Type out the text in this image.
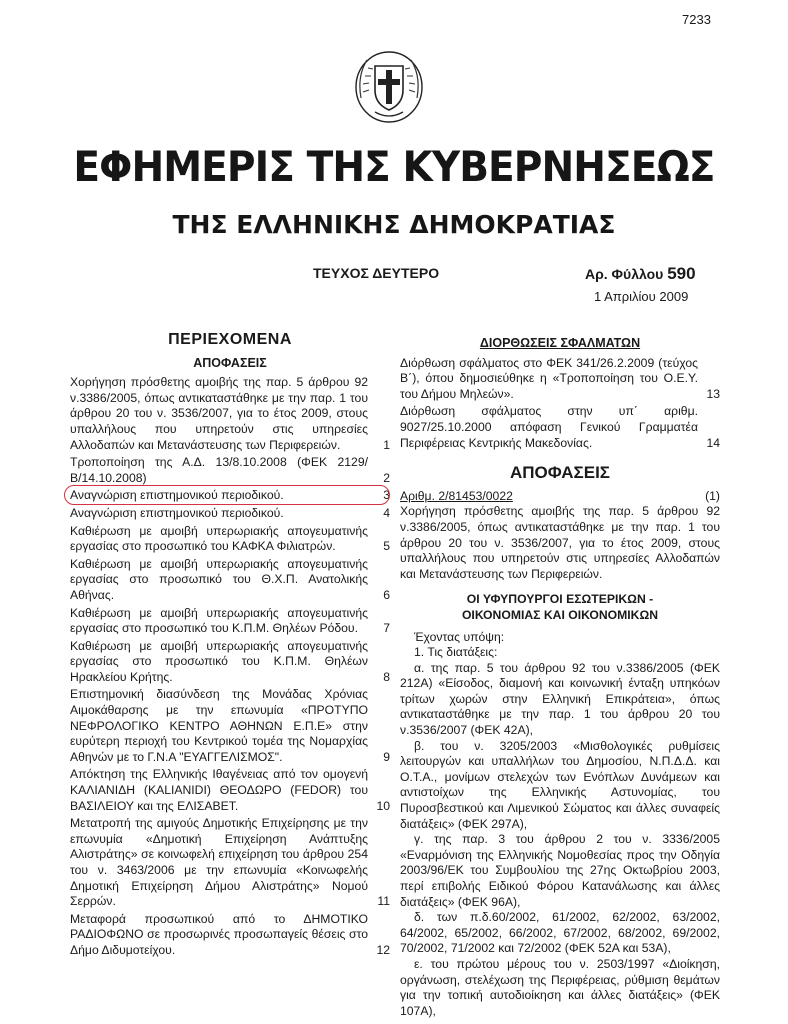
7233
ΕΦΗΜΕΡΙΣ ΤΗΣ ΚΥΒΕΡΝΗΣΕΩΣ
ΤΗΣ ΕΛΛΗΝΙΚΗΣ ΔΗΜΟΚΡΑΤΙΑΣ
ΤΕΥΧΟΣ ΔΕΥΤΕΡΟ	Αρ. Φύλλου 590
1 Απριλίου 2009
ΠΕΡΙΕΧΟΜΕΝΑ
ΑΠΟΦΑΣΕΙΣ
Χορήγηση πρόσθετης αμοιβής της παρ. 5 άρθρου 92 ν.3386/2005, όπως αντικαταστάθηκε με την παρ. 1 του άρθρου 20 του ν. 3536/2007, για το έτος 2009, στους υπαλλήλους που υπηρετούν στις υπηρεσίες Αλλοδαπών και Μετανάστευσης των Περιφερειών.	1
Τροποποίηση της Α.Δ. 13/8.10.2008 (ΦΕΚ 2129/Β/14.10.2008)	2
Αναγνώριση επιστημονικού περιοδικού.	3
Αναγνώριση επιστημονικού περιοδικού.	4
Καθιέρωση με αμοιβή υπερωριακής απογευματινής εργασίας στο προσωπικό του ΚΑΦΚΑ Φιλιατρών.	5
Καθιέρωση με αμοιβή υπερωριακής απογευματινής εργασίας στο προσωπικό του Θ.Χ.Π. Ανατολικής Αθήνας.	6
Καθιέρωση με αμοιβή υπερωριακής απογευματινής εργασίας στο προσωπικό του Κ.Π.Μ. Θηλέων Ρόδου.	7
Καθιέρωση με αμοιβή υπερωριακής απογευματινής εργασίας στο προσωπικό του Κ.Π.Μ. Θηλέων Ηρακλείου Κρήτης.	8
Επιστημονική διασύνδεση της Μονάδας Χρόνιας Αιμοκάθαρσης με την επωνυμία «ΠΡΟΤΥΠΟ ΝΕΦΡΟΛΟΓΙΚΟ ΚΕΝΤΡΟ ΑΘΗΝΩΝ Ε.Π.Ε» στην ευρύτερη περιοχή του Κεντρικού τομέα της Νομαρχίας Αθηνών με το Γ.Ν.Α "ΕΥΑΓΓΕΛΙΣΜΟΣ".	9
Απόκτηση της Ελληνικής Ιθαγένειας από τον ομογενή ΚΑΛΙΑΝΙΔΗ (KALIANIDI) ΘΕΟΔΩΡΟ (FEDOR) του ΒΑΣΙΛΕΙΟΥ και της ΕΛΙΣΑΒΕΤ.	10
Μετατροπή της αμιγούς Δημοτικής Επιχείρησης με την επωνυμία «Δημοτική Επιχείρηση Ανάπτυξης Αλιστράτης» σε κοινωφελή επιχείρηση του άρθρου 254 του ν. 3463/2006 με την επωνυμία «Κοινωφελής Δημοτική Επιχείρηση Δήμου Αλιστράτης» Νομού Σερρών.	11
Μεταφορά προσωπικού από το ΔΗΜΟΤΙΚΟ ΡΑΔΙΟΦΩΝΟ σε προσωρινές προσωπαγείς θέσεις στο Δήμο Διδυμοτείχου.	12
ΔΙΟΡΘΩΣΕΙΣ ΣΦΑΛΜΑΤΩΝ
Διόρθωση σφάλματος στο ΦΕΚ 341/26.2.2009 (τεύχος Β΄), όπου δημοσιεύθηκε η «Τροποποίηση του Ο.Ε.Υ. του Δήμου Μηλεών».	13
Διόρθωση σφάλματος στην υπ΄ αριθμ. 9027/25.10.2000 απόφαση Γενικού Γραμματέα Περιφέρειας Κεντρικής Μακεδονίας.	14
ΑΠΟΦΑΣΕΙΣ
Αριθμ. 2/81453/0022	(1)
Χορήγηση πρόσθετης αμοιβής της παρ. 5 άρθρου 92 ν.3386/2005, όπως αντικαταστάθηκε με την παρ. 1 του άρθρου 20 του ν. 3536/2007, για το έτος 2009, στους υπαλλήλους που υπηρετούν στις υπηρεσίες Αλλοδαπών και Μετανάστευσης των Περιφερειών.
ΟΙ ΥΦΥΠΟΥΡΓΟΙ ΕΣΩΤΕΡΙΚΩΝ -
ΟΙΚΟΝΟΜΙΑΣ ΚΑΙ ΟΙΚΟΝΟΜΙΚΩΝ
Έχοντας υπόψη:
1. Τις διατάξεις:
α. της παρ. 5 του άρθρου 92 του ν.3386/2005 (ΦΕΚ 212Α) «Είσοδος, διαμονή και κοινωνική ένταξη υπηκόων τρίτων χωρών στην Ελληνική Επικράτεια», όπως αντικαταστάθηκε με την παρ. 1 του άρθρου 20 του ν.3536/2007 (ΦΕΚ 42Α),
β. του ν. 3205/2003 «Μισθολογικές ρυθμίσεις λειτουργών και υπαλλήλων του Δημοσίου, Ν.Π.Δ.Δ. και Ο.Τ.Α., μονίμων στελεχών των Ενόπλων Δυνάμεων και αντιστοίχων της Ελληνικής Αστυνομίας, του Πυροσβεστικού και Λιμενικού Σώματος και άλλες συναφείς διατάξεις» (ΦΕΚ 297Α),
γ. της παρ. 3 του άρθρου 2 του ν. 3336/2005 «Εναρμόνιση της Ελληνικής Νομοθεσίας προς την Οδηγία 2003/96/ΕΚ του Συμβουλίου της 27ης Οκτωβρίου 2003, περί επιβολής Ειδικού Φόρου Κατανάλωσης και άλλες διατάξεις» (ΦΕΚ 96Α),
δ. των π.δ.60/2002, 61/2002, 62/2002, 63/2002, 64/2002, 65/2002, 66/2002, 67/2002, 68/2002, 69/2002, 70/2002, 71/2002 και 72/2002 (ΦΕΚ 52Α και 53Α),
ε. του πρώτου μέρους του ν. 2503/1997 «Διοίκηση, οργάνωση, στελέχωση της Περιφέρειας, ρύθμιση θεμάτων για την τοπική αυτοδιοίκηση και άλλες διατάξεις» (ΦΕΚ 107Α),
